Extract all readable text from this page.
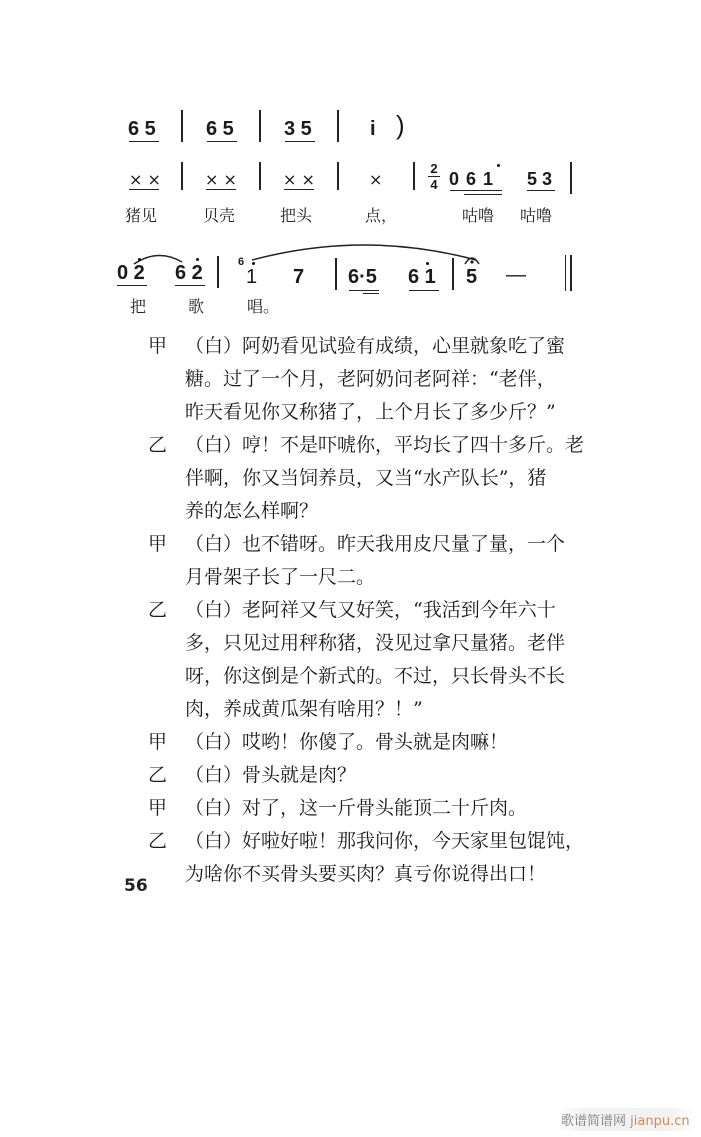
6 5	6 5	3 5	i )
× ×
猪见
× ×
贝壳
× ×
把头
×
点，
2
4 0 6 1
咕噜
5 3
咕噜
0 2
把
6 2
歌
6
1
唱。
7 6·5 6 1 5 —
甲 （白）阿奶看见试验有成绩，心里就象吃了蜜
糖。过了一个月，老阿奶问老阿祥：“老伴，
昨天看见你又称猪了，上个月长了多少斤？”
乙 （白）哼！不是吓唬你，平均长了四十多斤。老
伴啊，你又当饲养员，又当“水产队长”，猪
养的怎么样啊？
甲 （白）也不错呀。昨天我用皮尺量了量，一个
月骨架子长了一尺二。
乙 （白）老阿祥又气又好笑，“我活到今年六十
多，只见过用秤称猪，没见过拿尺量猪。老伴
呀，你这倒是个新式的。不过，只长骨头不长
肉，养成黄瓜架有啥用？！”
甲 （白）哎哟！你傻了。骨头就是肉嘛！
乙 （白）骨头就是肉？
甲 （白）对了，这一斤骨头能顶二十斤肉。
乙 （白）好啦好啦！那我问你，今天家里包馄饨，
为啥你不买骨头要买肉？真亏你说得出口！
56
歌谱简谱网 jianpu.cn
